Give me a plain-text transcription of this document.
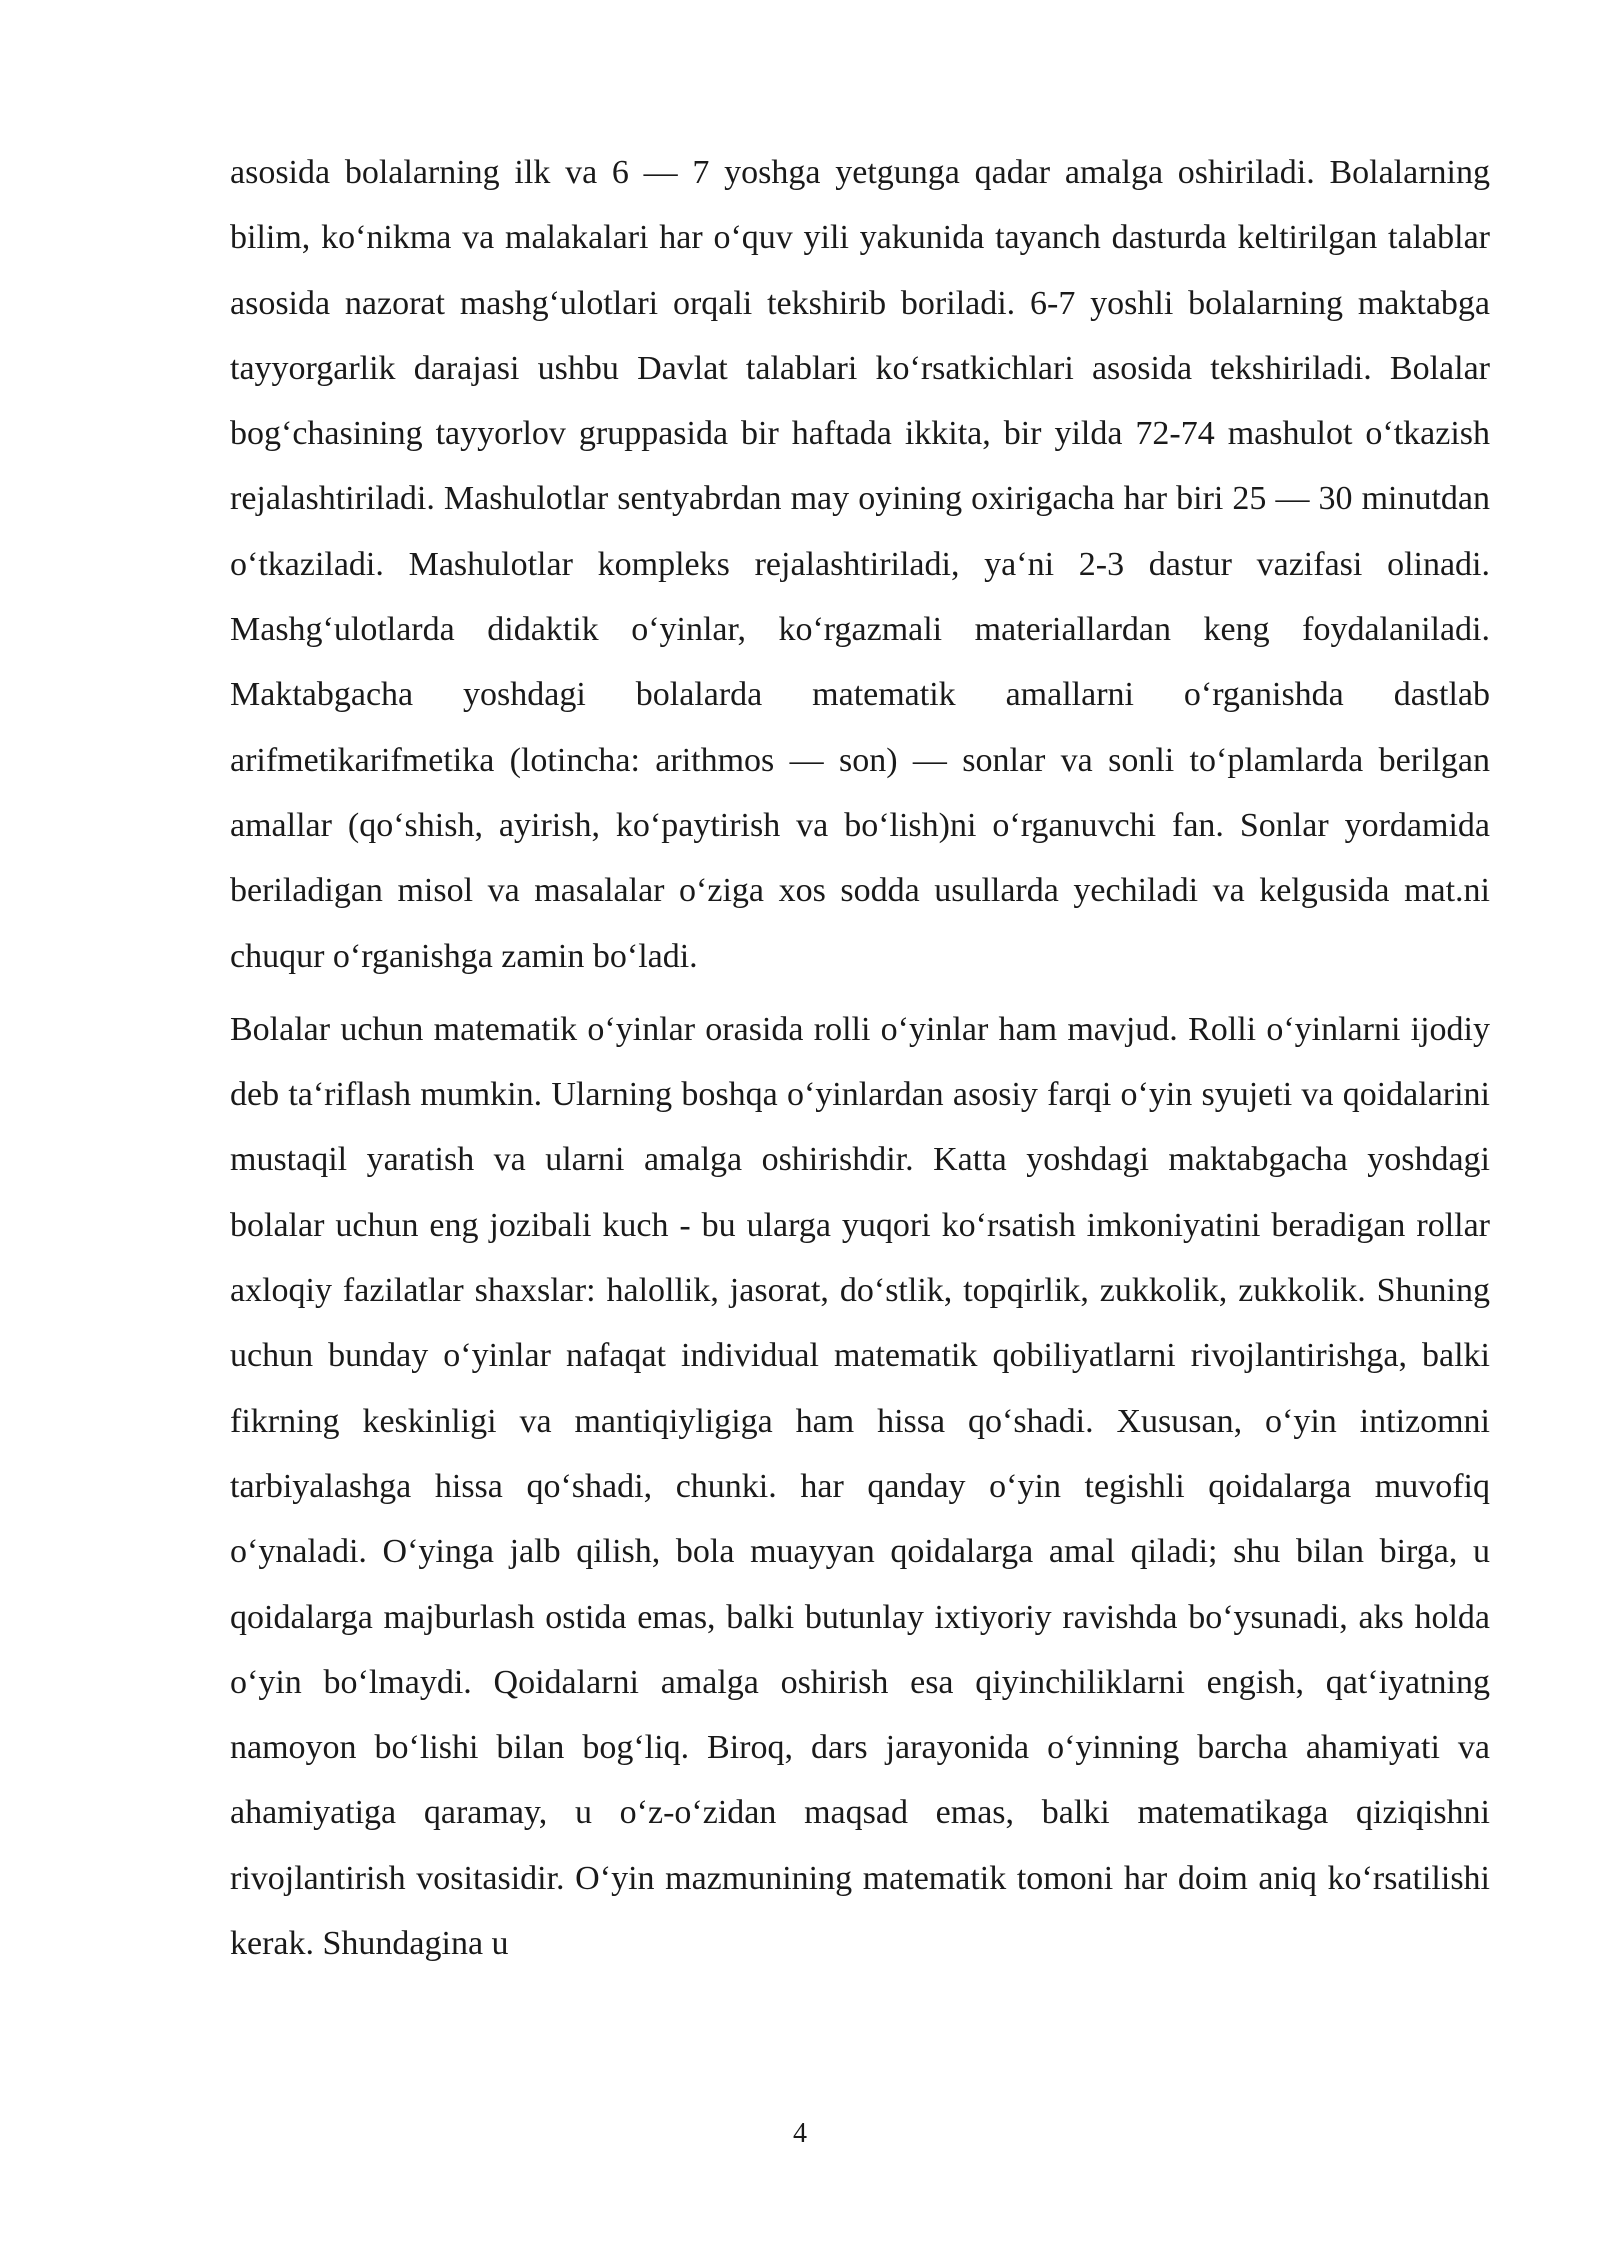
asosida bolalarning ilk va 6 — 7 yoshga yetgunga qadar amalga oshiriladi. Bolalarning bilim, ko‘nikma va malakalari har o‘quv yili yakunida tayanch dasturda keltirilgan talablar asosida nazorat mashg‘ulotlari orqali tekshirib boriladi. 6-7 yoshli bolalarning maktabga tayyorgarlik darajasi ushbu Davlat talablari ko‘rsatkichlari asosida tekshiriladi. Bolalar bog‘chasining tayyorlov gruppasida bir haftada ikkita, bir yilda 72-74 mashulot o‘tkazish rejalashtiriladi. Mashulotlar sentyabrdan may oyining oxirigacha har biri 25 — 30 minutdan o‘tkaziladi. Mashulotlar kompleks rejalashtiriladi, ya‘ni 2-3 dastur vazifasi olinadi. Mashg‘ulotlarda didaktik o‘yinlar, ko‘rgazmali materiallardan keng foydalaniladi. Maktabgacha yoshdagi bolalarda matematik amallarni o‘rganishda dastlab arifmetikarifmetika (lotincha: arithmos — son) — sonlar va sonli to‘plamlarda berilgan amallar (qo‘shish, ayirish, ko‘paytirish va bo‘lish)ni o‘rganuvchi fan. Sonlar yordamida beriladigan misol va masalalar o‘ziga xos sodda usullarda yechiladi va kelgusida mat.ni chuqur o‘rganishga zamin bo‘ladi.

Bolalar uchun matematik o‘yinlar orasida rolli o‘yinlar ham mavjud. Rolli o‘yinlarni ijodiy deb ta‘riflash mumkin. Ularning boshqa o‘yinlardan asosiy farqi o‘yin syujeti va qoidalarini mustaqil yaratish va ularni amalga oshirishdir. Katta yoshdagi maktabgacha yoshdagi bolalar uchun eng jozibali kuch - bu ularga yuqori ko‘rsatish imkoniyatini beradigan rollar axloqiy fazilatlar shaxslar: halollik, jasorat, do‘stlik, topqirlik, zukkolik, zukkolik. Shuning uchun bunday o‘yinlar nafaqat individual matematik qobiliyatlarni rivojlantirishga, balki fikrning keskinligi va mantiqiyligiga ham hissa qo‘shadi. Xususan, o‘yin intizomni tarbiyalashga hissa qo‘shadi, chunki. har qanday o‘yin tegishli qoidalarga muvofiq o‘ynaladi. O‘yinga jalb qilish, bola muayyan qoidalarga amal qiladi; shu bilan birga, u qoidalarga majburlash ostida emas, balki butunlay ixtiyoriy ravishda bo‘ysunadi, aks holda o‘yin bo‘lmaydi. Qoidalarni amalga oshirish esa qiyinchiliklarni engish, qat‘iyatning namoyon bo‘lishi bilan bog‘liq. Biroq, dars jarayonida o‘yinning barcha ahamiyati va ahamiyatiga qaramay, u o‘z-o‘zidan maqsad emas, balki matematikaga qiziqishni rivojlantirish vositasidir. O‘yin mazmunining matematik tomoni har doim aniq ko‘rsatilishi kerak. Shundagina u

4
